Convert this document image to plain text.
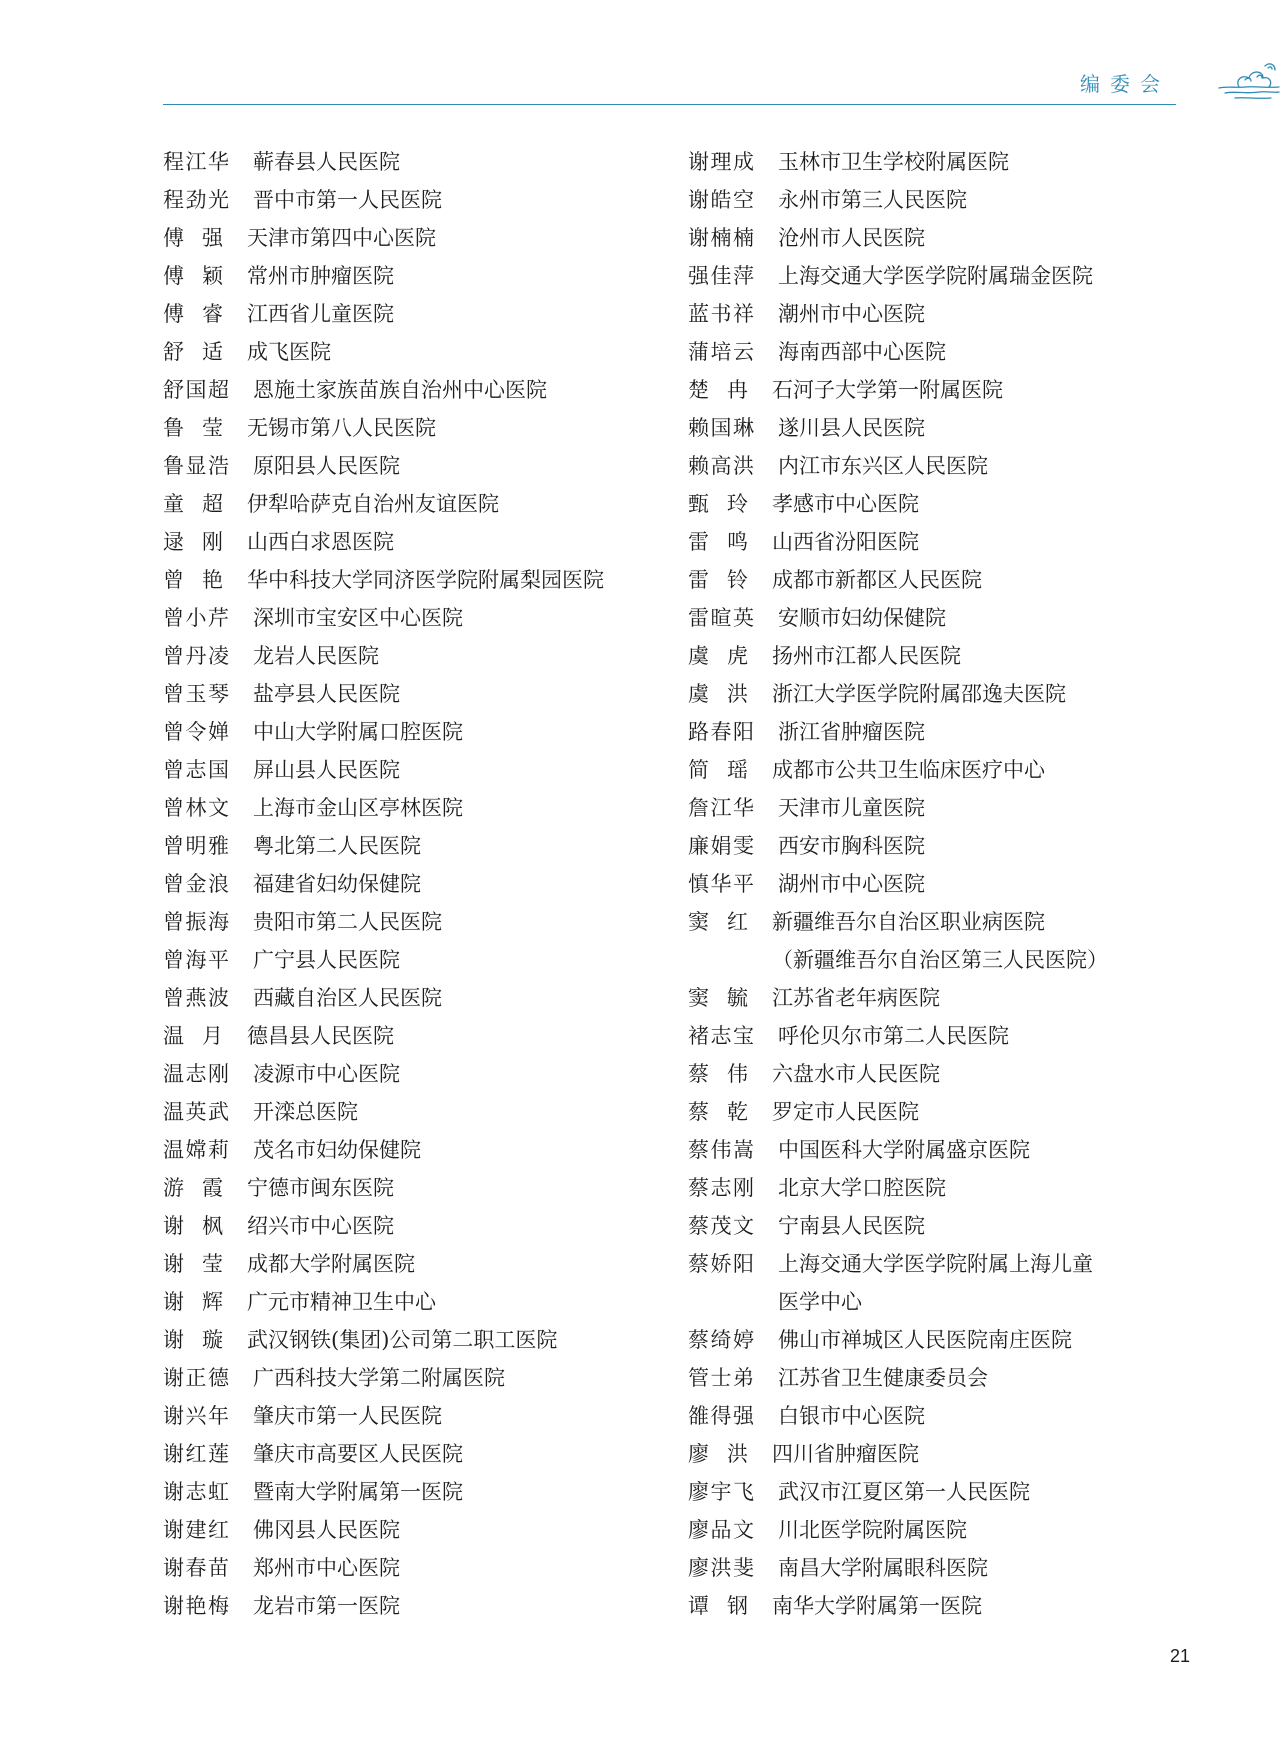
编委会
程 江 华 蕲春县人民医院
程 劲 光 晋中市第一人民医院
傅 强 天津市第四中心医院
傅 颖 常州市肿瘤医院
傅 睿 江西省儿童医院
舒 适 成飞医院
舒 国 超 恩施土家族苗族自治州中心医院
鲁 莹 无锡市第八人民医院
鲁 显 浩 原阳县人民医院
童 超 伊犁哈萨克自治州友谊医院
逯 刚 山西白求恩医院
曾 艳 华中科技大学同济医学院附属梨园医院
曾 小 芹 深圳市宝安区中心医院
曾 丹 凌 龙岩人民医院
曾 玉 琴 盐亭县人民医院
曾 令 婵 中山大学附属口腔医院
曾 志 国 屏山县人民医院
曾 林 文 上海市金山区亭林医院
曾 明 雅 粤北第二人民医院
曾 金 浪 福建省妇幼保健院
曾 振 海 贵阳市第二人民医院
曾 海 平 广宁县人民医院
曾 燕 波 西藏自治区人民医院
温 月 德昌县人民医院
温 志 刚 凌源市中心医院
温 英 武 开滦总医院
温 嫦 莉 茂名市妇幼保健院
游 霞 宁德市闽东医院
谢 枫 绍兴市中心医院
谢 莹 成都大学附属医院
谢 辉 广元市精神卫生中心
谢 璇 武汉钢铁(集团)公司第二职工医院
谢 正 德 广西科技大学第二附属医院
谢 兴 年 肇庆市第一人民医院
谢 红 莲 肇庆市高要区人民医院
谢 志 虹 暨南大学附属第一医院
谢 建 红 佛冈县人民医院
谢 春 苗 郑州市中心医院
谢 艳 梅 龙岩市第一医院
谢 理 成 玉林市卫生学校附属医院
谢 皓 空 永州市第三人民医院
谢 楠 楠 沧州市人民医院
强 佳 萍 上海交通大学医学院附属瑞金医院
蓝 书 祥 潮州市中心医院
蒲 培 云 海南西部中心医院
楚 冉 石河子大学第一附属医院
赖 国 琳 遂川县人民医院
赖 高 洪 内江市东兴区人民医院
甄 玲 孝感市中心医院
雷 鸣 山西省汾阳医院
雷 铃 成都市新都区人民医院
雷 暄 英 安顺市妇幼保健院
虞 虎 扬州市江都人民医院
虞 洪 浙江大学医学院附属邵逸夫医院
路 春 阳 浙江省肿瘤医院
简 瑶 成都市公共卫生临床医疗中心
詹 江 华 天津市儿童医院
廉 娟 雯 西安市胸科医院
慎 华 平 湖州市中心医院
窦 红 新疆维吾尔自治区职业病医院
（新疆维吾尔自治区第三人民医院）
窦 毓 江苏省老年病医院
褚 志 宝 呼伦贝尔市第二人民医院
蔡 伟 六盘水市人民医院
蔡 乾 罗定市人民医院
蔡 伟 嵩 中国医科大学附属盛京医院
蔡 志 刚 北京大学口腔医院
蔡 茂 文 宁南县人民医院
蔡 娇 阳 上海交通大学医学院附属上海儿童
医学中心
蔡 绮 婷 佛山市禅城区人民医院南庄医院
管 士 弟 江苏省卫生健康委员会
雒 得 强 白银市中心医院
廖 洪 四川省肿瘤医院
廖 宇 飞 武汉市江夏区第一人民医院
廖 品 文 川北医学院附属医院
廖 洪 斐 南昌大学附属眼科医院
谭 钢 南华大学附属第一医院
21
